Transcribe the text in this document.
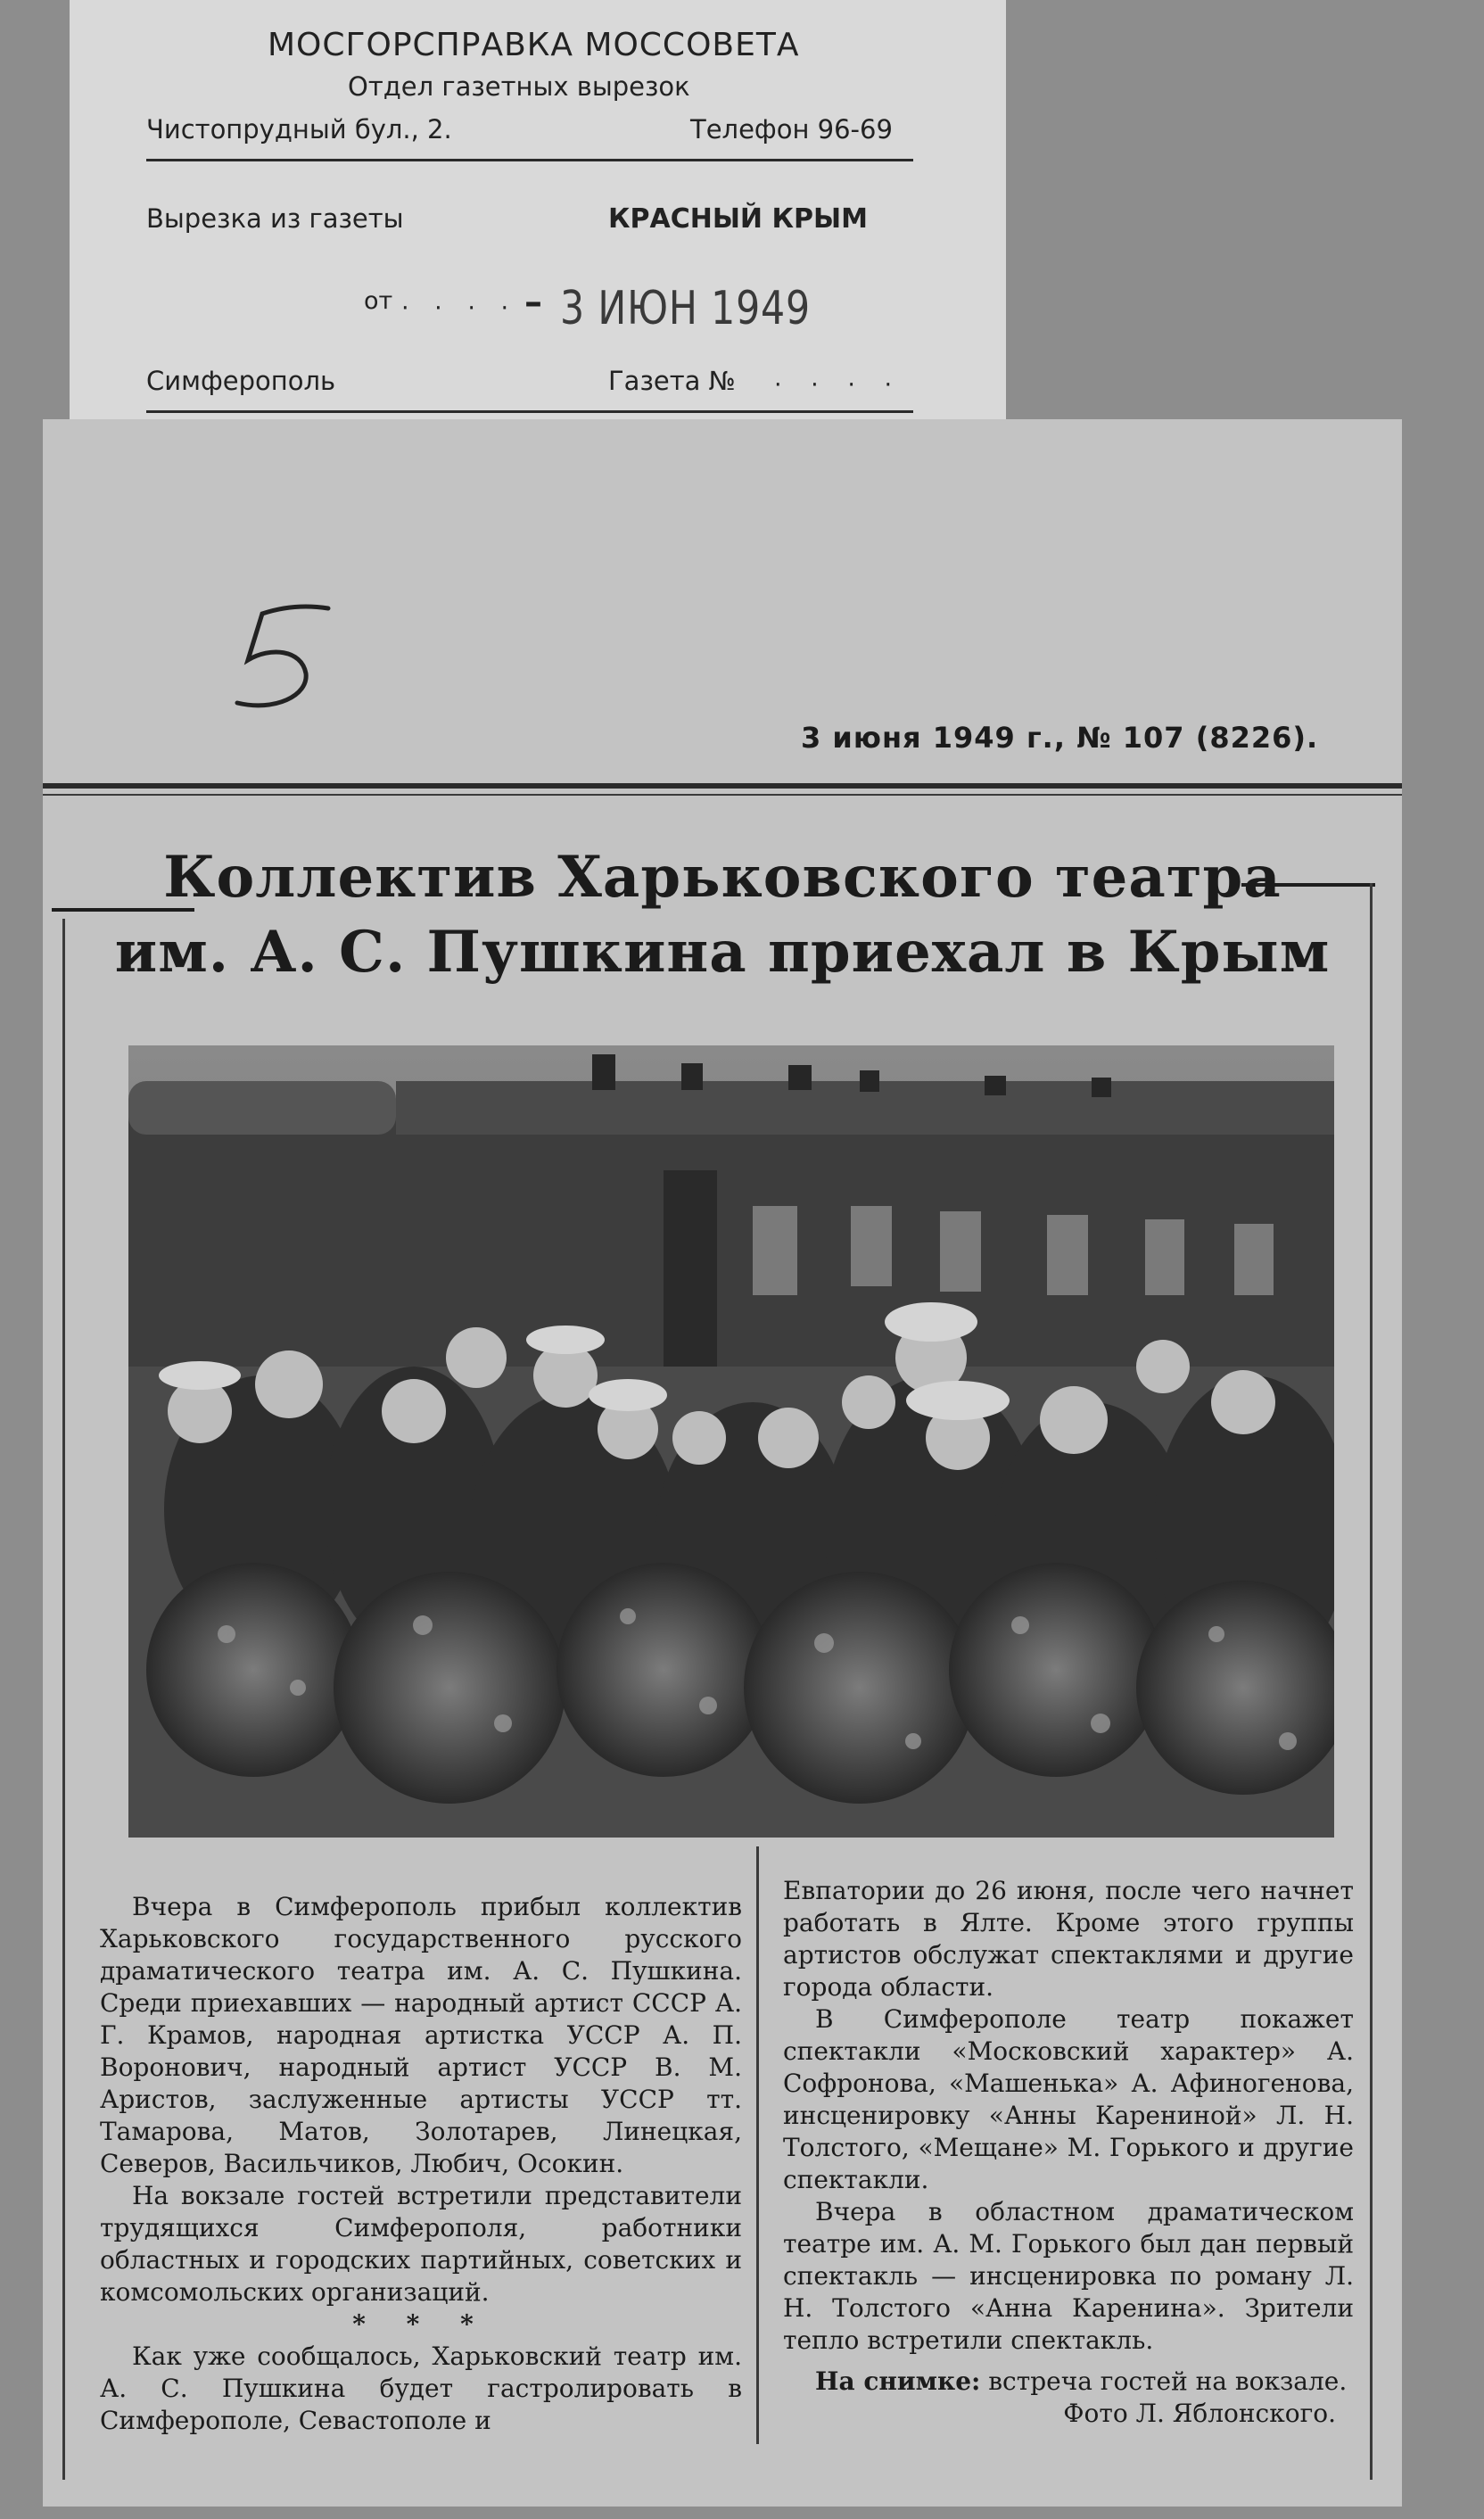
МОСГОРСПРАВКА МОССОВЕТА
Отдел газетных вырезок
Чистопрудный бул., 2.	Телефон 96-69
Вырезка из газеты	КРАСНЫЙ КРЫМ
от · · · · – 3 ИЮН 1949
Симферополь	Газета № · · · ·
3 июня 1949 г., № 107 (8226).
Коллектив Харьковского театра
им. А. С. Пушкина приехал в Крым

Вчера в Симферополь прибыл коллектив Харьковского государственного русского драматического театра им. А. С. Пушкина. Среди приехавших — народный артист СССР А. Г. Крамов, народная артистка УССР А. П. Воронович, народный артист УССР В. М. Аристов, заслуженные артисты УССР тт. Тамарова, Матов, Золотарев, Линецкая, Северов, Васильчиков, Любич, Осокин.

На вокзале гостей встретили представители трудящихся Симферополя, работники областных и городских партийных, советских и комсомольских организаций.

* * *

Как уже сообщалось, Харьковский театр им. А. С. Пушкина будет гастролировать в Симферополе, Севастополе и

Евпатории до 26 июня, после чего начнет работать в Ялте. Кроме этого группы артистов обслужат спектаклями и другие города области.

В Симферополе театр покажет спектакли «Московский характер» А. Софронова, «Машенька» А. Афиногенова, инсценировку «Анны Карениной» Л. Н. Толстого, «Мещане» М. Горького и другие спектакли.

Вчера в областном драматическом театре им. А. М. Горького был дан первый спектакль — инсценировка по роману Л. Н. Толстого «Анна Каренина». Зрители тепло встретили спектакль.

На снимке: встреча гостей на вокзале.

Фото Л. Яблонского.
